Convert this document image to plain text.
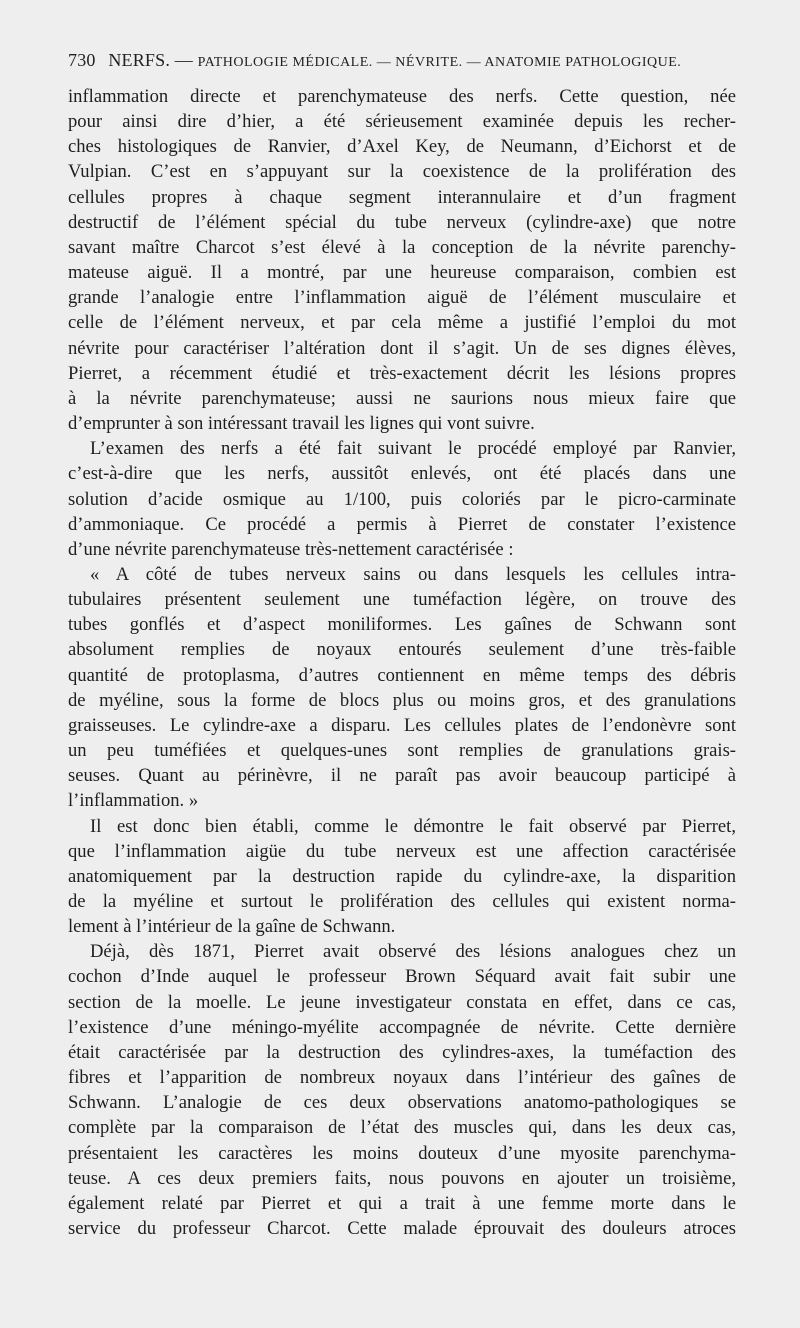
730 NERFS. — PATHOLOGIE MÉDICALE. — NÉVRITE. — ANATOMIE PATHOLOGIQUE.

inflammation directe et parenchymateuse des nerfs. Cette question, née

pour ainsi dire d’hier, a été sérieusement examinée depuis les recher-

ches histologiques de Ranvier, d’Axel Key, de Neumann, d’Eichorst et de

Vulpian. C’est en s’appuyant sur la coexistence de la prolifération des

cellules propres à chaque segment interannulaire et d’un fragment

destructif de l’élément spécial du tube nerveux (cylindre-axe) que notre

savant maître Charcot s’est élevé à la conception de la névrite parenchy-

mateuse aiguë. Il a montré, par une heureuse comparaison, combien est

grande l’analogie entre l’inflammation aiguë de l’élément musculaire et

celle de l’élément nerveux, et par cela même a justifié l’emploi du mot

névrite pour caractériser l’altération dont il s’agit. Un de ses dignes élèves,

Pierret, a récemment étudié et très-exactement décrit les lésions propres

à la névrite parenchymateuse; aussi ne saurions nous mieux faire que

d’emprunter à son intéressant travail les lignes qui vont suivre.

L’examen des nerfs a été fait suivant le procédé employé par Ranvier,

c’est-à-dire que les nerfs, aussitôt enlevés, ont été placés dans une

solution d’acide osmique au 1/100, puis coloriés par le picro-carminate

d’ammoniaque. Ce procédé a permis à Pierret de constater l’existence

d’une névrite parenchymateuse très-nettement caractérisée :

« A côté de tubes nerveux sains ou dans lesquels les cellules intra-

tubulaires présentent seulement une tuméfaction légère, on trouve des

tubes gonflés et d’aspect moniliformes. Les gaînes de Schwann sont

absolument remplies de noyaux entourés seulement d’une très-faible

quantité de protoplasma, d’autres contiennent en même temps des débris

de myéline, sous la forme de blocs plus ou moins gros, et des granulations

graisseuses. Le cylindre-axe a disparu. Les cellules plates de l’endonèvre sont

un peu tuméfiées et quelques-unes sont remplies de granulations grais-

seuses. Quant au périnèvre, il ne paraît pas avoir beaucoup participé à

l’inflammation. »

Il est donc bien établi, comme le démontre le fait observé par Pierret,

que l’inflammation aigüe du tube nerveux est une affection caractérisée

anatomiquement par la destruction rapide du cylindre-axe, la disparition

de la myéline et surtout le prolifération des cellules qui existent norma-

lement à l’intérieur de la gaîne de Schwann.

Déjà, dès 1871, Pierret avait observé des lésions analogues chez un

cochon d’Inde auquel le professeur Brown Séquard avait fait subir une

section de la moelle. Le jeune investigateur constata en effet, dans ce cas,

l’existence d’une méningo-myélite accompagnée de névrite. Cette dernière

était caractérisée par la destruction des cylindres-axes, la tuméfaction des

fibres et l’apparition de nombreux noyaux dans l’intérieur des gaînes de

Schwann. L’analogie de ces deux observations anatomo-pathologiques se

complète par la comparaison de l’état des muscles qui, dans les deux cas,

présentaient les caractères les moins douteux d’une myosite parenchyma-

teuse. A ces deux premiers faits, nous pouvons en ajouter un troisième,

également relaté par Pierret et qui a trait à une femme morte dans le

service du professeur Charcot. Cette malade éprouvait des douleurs atroces
